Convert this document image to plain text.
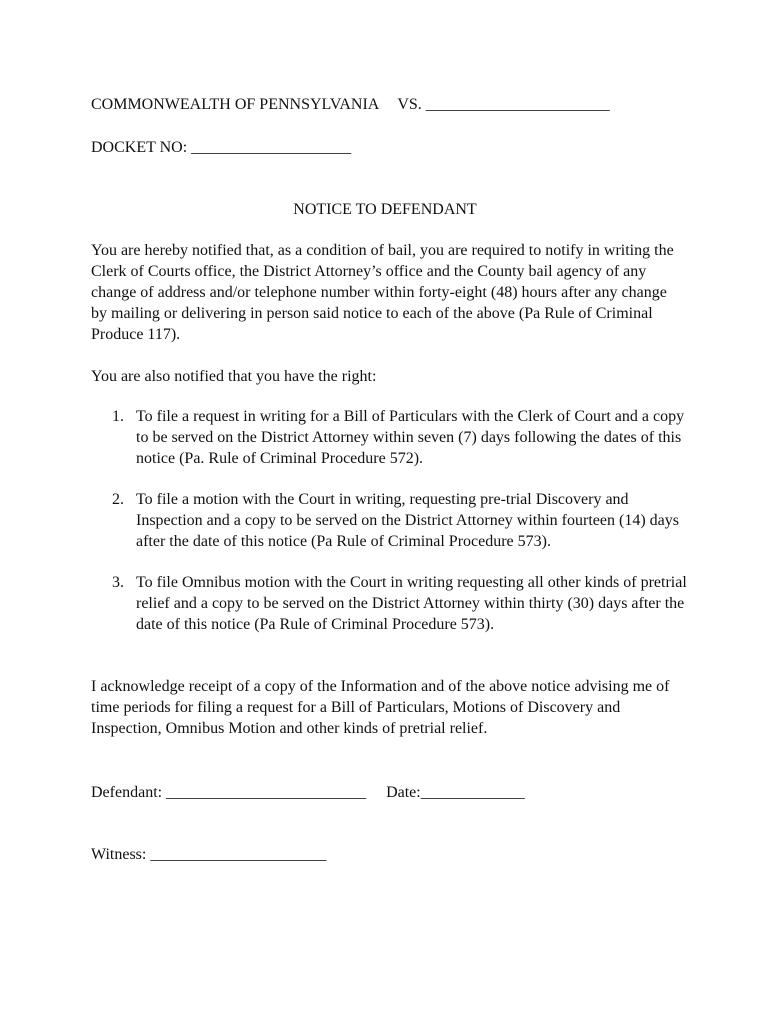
COMMONWEALTH OF PENNSYLVANIA VS. _______________________
DOCKET NO: ____________________
NOTICE TO DEFENDANT

You are hereby notified that, as a condition of bail, you are required to notify in writing the Clerk of Courts office, the District Attorney’s office and the County bail agency of any change of address and/or telephone number within forty-eight (48) hours after any change by mailing or delivering in person said notice to each of the above (Pa Rule of Criminal Produce 117).

You are also notified that you have the right:

1. To file a request in writing for a Bill of Particulars with the Clerk of Court and a copy to be served on the District Attorney within seven (7) days following the dates of this notice (Pa. Rule of Criminal Procedure 572).
2. To file a motion with the Court in writing, requesting pre-trial Discovery and Inspection and a copy to be served on the District Attorney within fourteen (14) days after the date of this notice (Pa Rule of Criminal Procedure 573).
3. To file Omnibus motion with the Court in writing requesting all other kinds of pretrial relief and a copy to be served on the District Attorney within thirty (30) days after the date of this notice (Pa Rule of Criminal Procedure 573).

I acknowledge receipt of a copy of the Information and of the above notice advising me of time periods for filing a request for a Bill of Particulars, Motions of Discovery and Inspection, Omnibus Motion and other kinds of pretrial relief.

Defendant: _________________________ Date:_____________
Witness: ______________________
